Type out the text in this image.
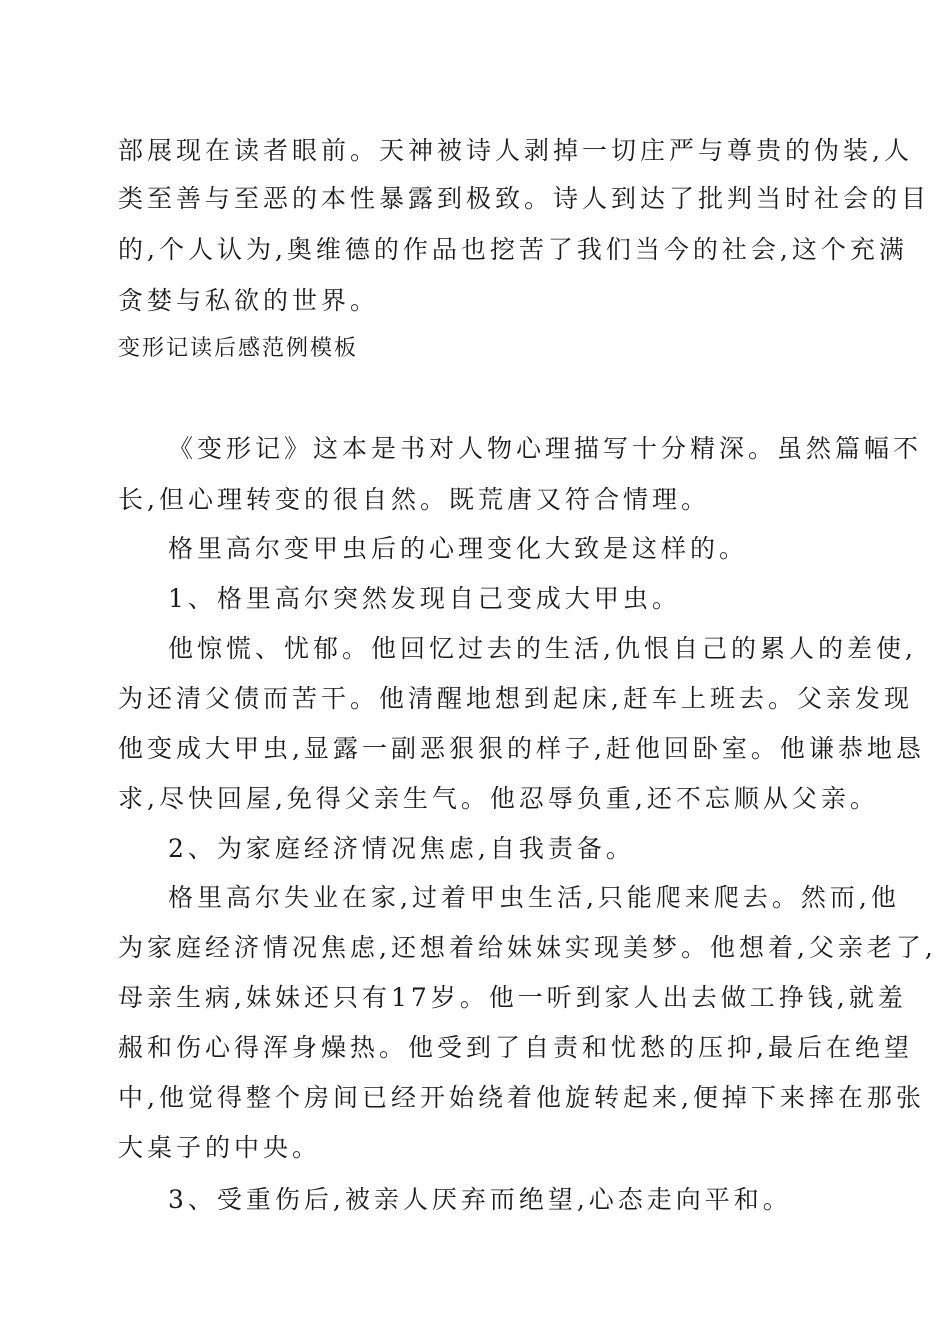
部展现在读者眼前。天神被诗人剥掉一切庄严与尊贵的伪装,人
类至善与至恶的本性暴露到极致。诗人到达了批判当时社会的目
的,个人认为,奥维德的作品也挖苦了我们当今的社会,这个充满
贪婪与私欲的世界。
变形记读后感范例模板
《变形记》这本是书对人物心理描写十分精深。虽然篇幅不
长,但心理转变的很自然。既荒唐又符合情理。
格里高尔变甲虫后的心理变化大致是这样的。
1、格里高尔突然发现自己变成大甲虫。
他惊慌、忧郁。他回忆过去的生活,仇恨自己的累人的差使,
为还清父债而苦干。他清醒地想到起床,赶车上班去。父亲发现
他变成大甲虫,显露一副恶狠狠的样子,赶他回卧室。他谦恭地恳
求,尽快回屋,免得父亲生气。他忍辱负重,还不忘顺从父亲。
2、为家庭经济情况焦虑,自我责备。
格里高尔失业在家,过着甲虫生活,只能爬来爬去。然而,他
为家庭经济情况焦虑,还想着给妹妹实现美梦。他想着,父亲老了,
母亲生病,妹妹还只有17岁。他一听到家人出去做工挣钱,就羞
赧和伤心得浑身燥热。他受到了自责和忧愁的压抑,最后在绝望
中,他觉得整个房间已经开始绕着他旋转起来,便掉下来摔在那张
大桌子的中央。
3、受重伤后,被亲人厌弃而绝望,心态走向平和。
